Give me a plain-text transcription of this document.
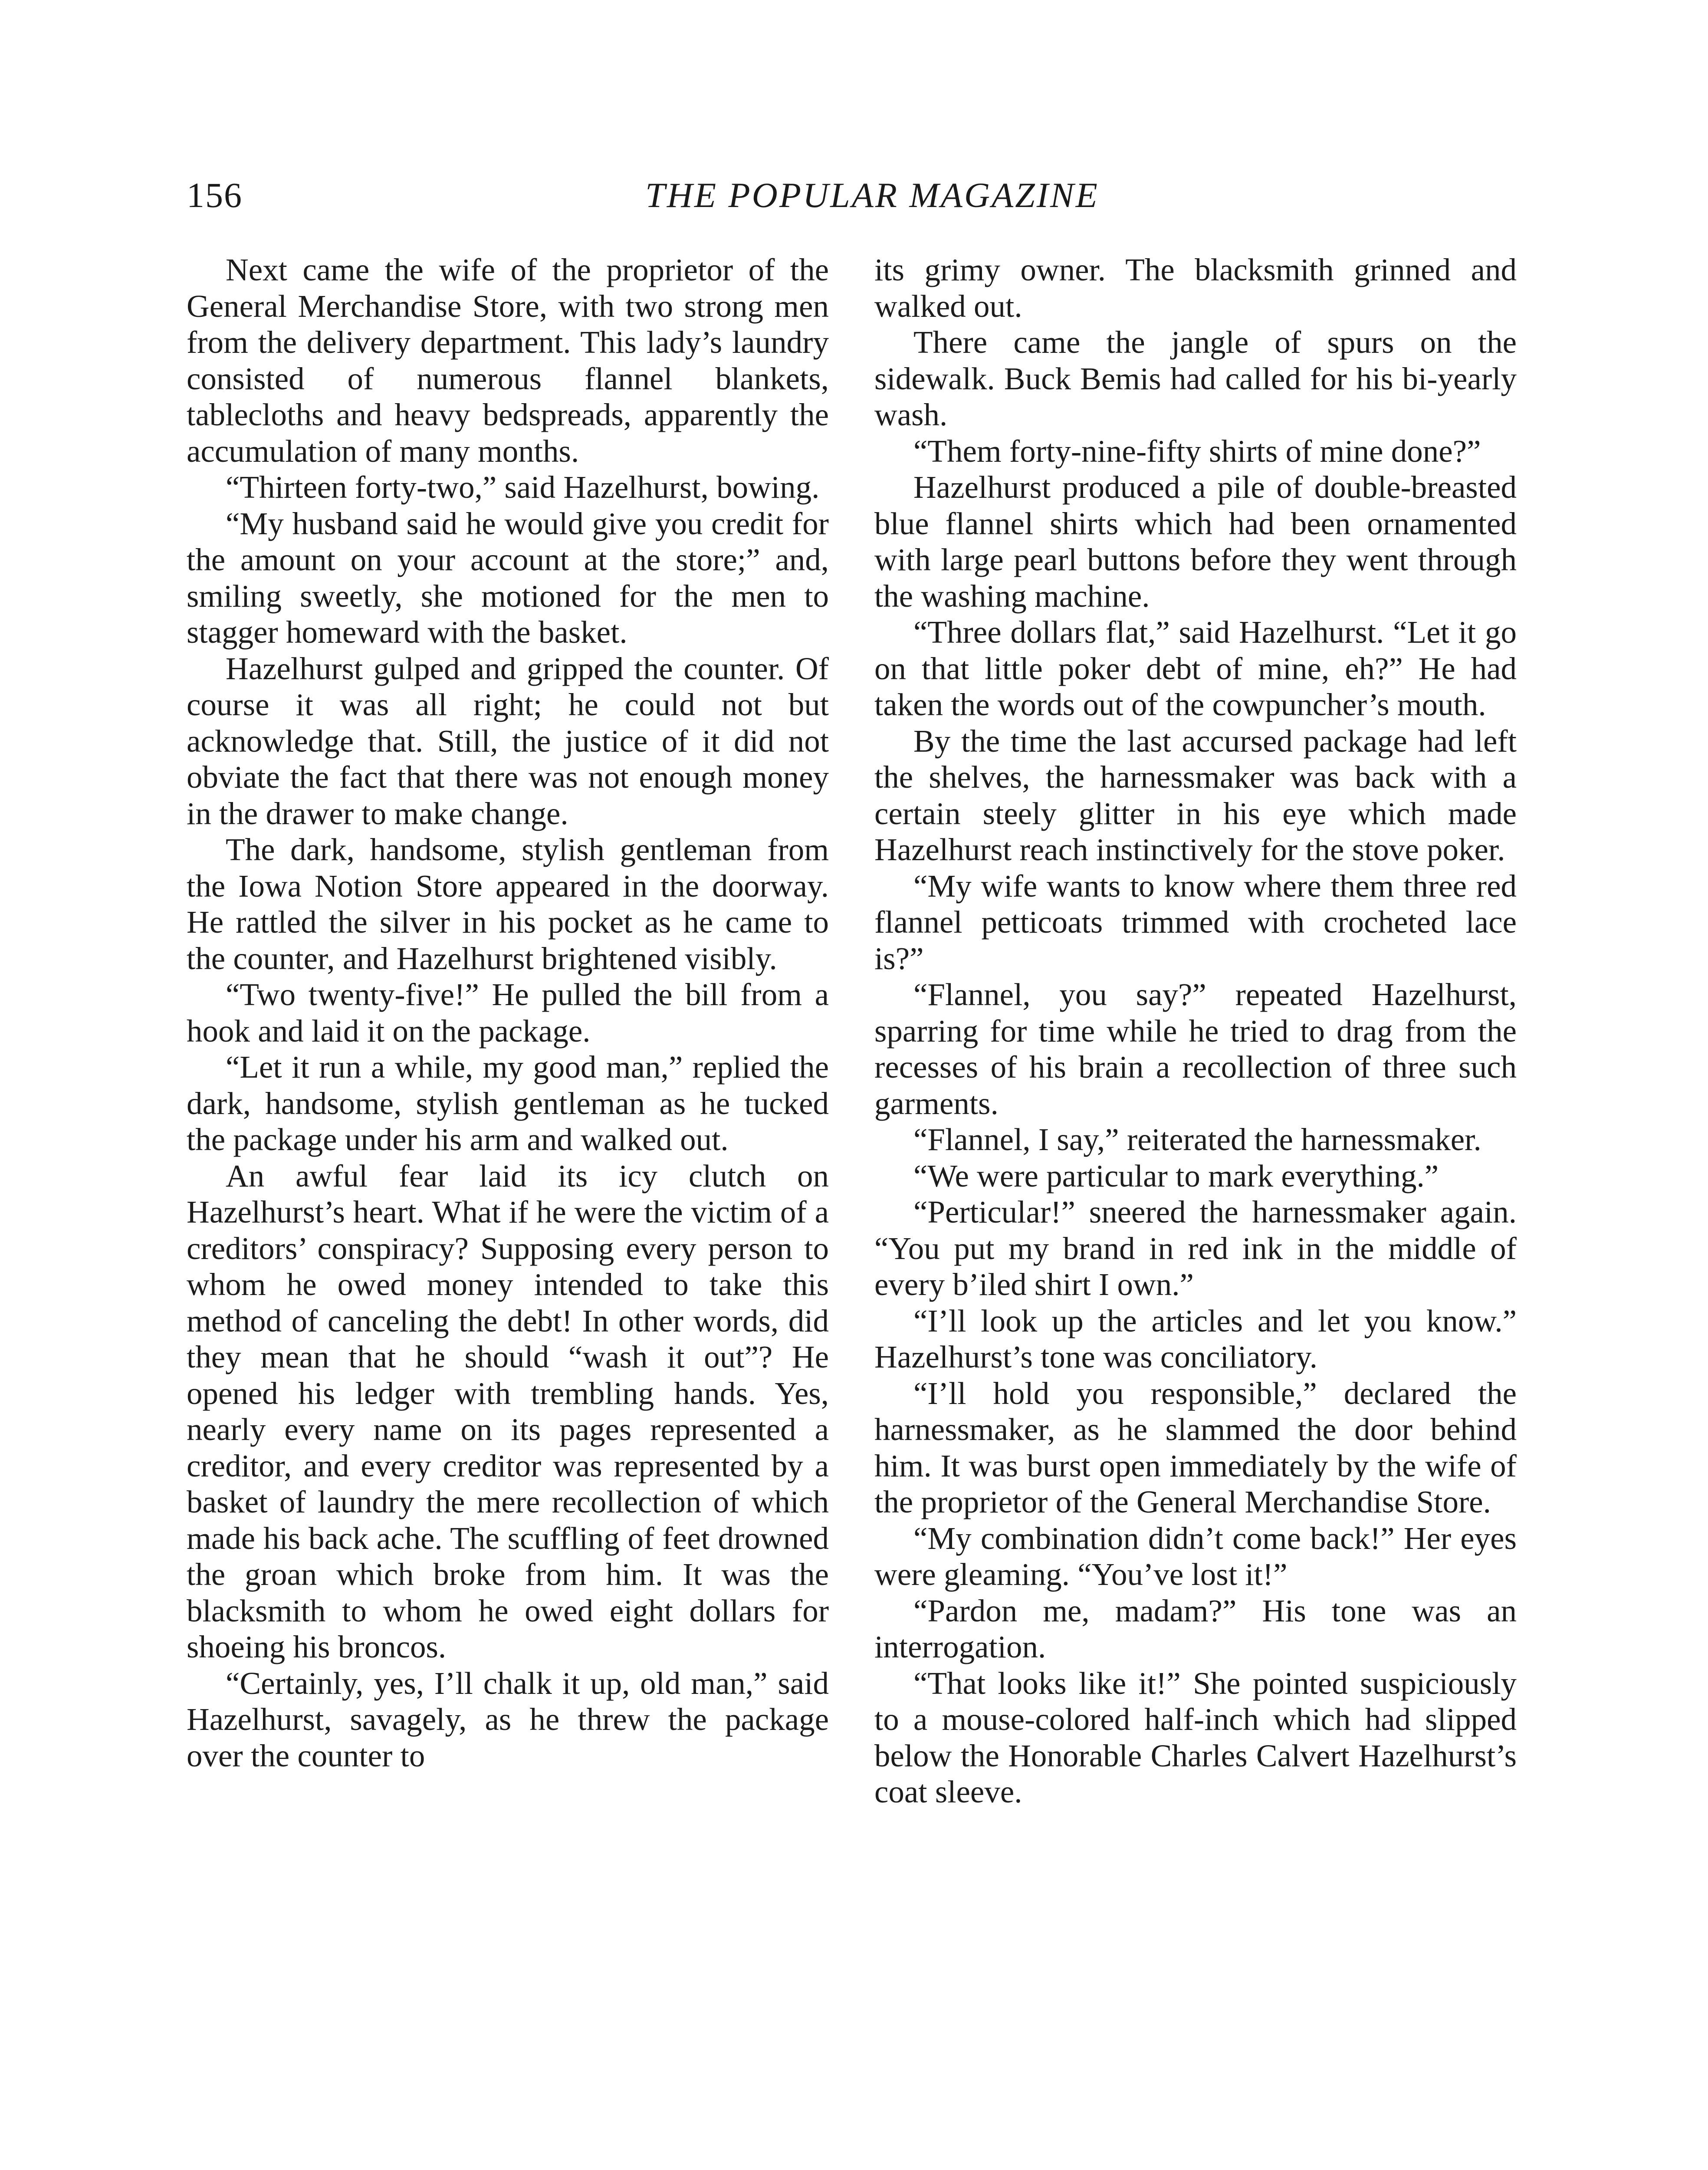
156	THE POPULAR MAGAZINE

Next came the wife of the proprietor of the General Merchandise Store, with two strong men from the delivery department. This lady’s laundry consisted of numerous flannel blankets, tablecloths and heavy bedspreads, apparently the accumulation of many months.

“Thirteen forty-two,” said Hazelhurst, bowing.

“My husband said he would give you credit for the amount on your account at the store;” and, smiling sweetly, she motioned for the men to stagger homeward with the basket.

Hazelhurst gulped and gripped the counter. Of course it was all right; he could not but acknowledge that. Still, the justice of it did not obviate the fact that there was not enough money in the drawer to make change.

The dark, handsome, stylish gentleman from the Iowa Notion Store appeared in the doorway. He rattled the silver in his pocket as he came to the counter, and Hazelhurst brightened visibly.

“Two twenty-five!” He pulled the bill from a hook and laid it on the package.

“Let it run a while, my good man,” replied the dark, handsome, stylish gentleman as he tucked the package under his arm and walked out.

An awful fear laid its icy clutch on Hazelhurst’s heart. What if he were the victim of a creditors’ conspiracy? Supposing every person to whom he owed money intended to take this method of canceling the debt! In other words, did they mean that he should “wash it out”? He opened his ledger with trembling hands. Yes, nearly every name on its pages represented a creditor, and every creditor was represented by a basket of laundry the mere recollection of which made his back ache. The scuffling of feet drowned the groan which broke from him. It was the blacksmith to whom he owed eight dollars for shoeing his broncos.

“Certainly, yes, I’ll chalk it up, old man,” said Hazelhurst, savagely, as he threw the package over the counter to

its grimy owner. The blacksmith grinned and walked out.

There came the jangle of spurs on the sidewalk. Buck Bemis had called for his bi-yearly wash.

“Them forty-nine-fifty shirts of mine done?”

Hazelhurst produced a pile of double-breasted blue flannel shirts which had been ornamented with large pearl buttons before they went through the washing machine.

“Three dollars flat,” said Hazelhurst. “Let it go on that little poker debt of mine, eh?” He had taken the words out of the cowpuncher’s mouth.

By the time the last accursed package had left the shelves, the harnessmaker was back with a certain steely glitter in his eye which made Hazelhurst reach instinctively for the stove poker.

“My wife wants to know where them three red flannel petticoats trimmed with crocheted lace is?”

“Flannel, you say?” repeated Hazelhurst, sparring for time while he tried to drag from the recesses of his brain a recollection of three such garments.

“Flannel, I say,” reiterated the harnessmaker.

“We were particular to mark everything.”

“Perticular!” sneered the harnessmaker again. “You put my brand in red ink in the middle of every b’iled shirt I own.”

“I’ll look up the articles and let you know.” Hazelhurst’s tone was conciliatory.

“I’ll hold you responsible,” declared the harnessmaker, as he slammed the door behind him. It was burst open immediately by the wife of the proprietor of the General Merchandise Store.

“My combination didn’t come back!” Her eyes were gleaming. “You’ve lost it!”

“Pardon me, madam?” His tone was an interrogation.

“That looks like it!” She pointed suspiciously to a mouse-colored half-inch which had slipped below the Honorable Charles Calvert Hazelhurst’s coat sleeve.
